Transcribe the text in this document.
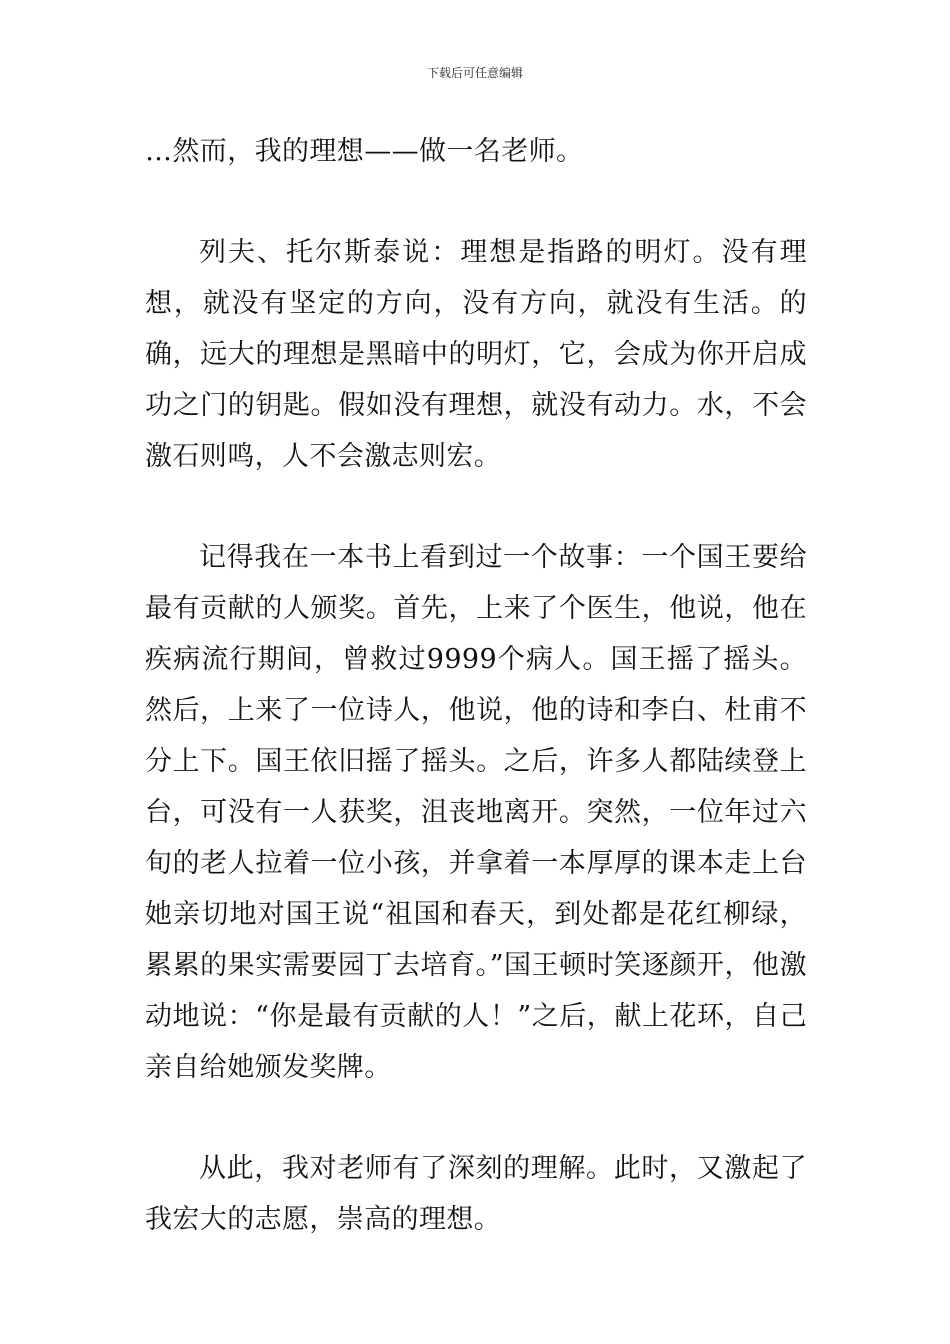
下载后可任意编辑

…然而，我的理想——做一名老师。

列夫、托尔斯泰说：理想是指路的明灯。没有理想，就没有坚定的方向，没有方向，就没有生活。的确，远大的理想是黑暗中的明灯，它，会成为你开启成功之门的钥匙。假如没有理想，就没有动力。水，不会激石则鸣，人不会激志则宏。

记得我在一本书上看到过一个故事：一个国王要给最有贡献的人颁奖。首先，上来了个医生，他说，他在疾病流行期间，曾救过9999个病人。国王摇了摇头。然后，上来了一位诗人，他说，他的诗和李白、杜甫不分上下。国王依旧摇了摇头。之后，许多人都陆续登上台，可没有一人获奖，沮丧地离开。突然，一位年过六旬的老人拉着一位小孩，并拿着一本厚厚的课本走上台她亲切地对国王说“祖国和春天，到处都是花红柳绿，累累的果实需要园丁去培育。”国王顿时笑逐颜开，他激动地说：“你是最有贡献的人！”之后，献上花环，自己亲自给她颁发奖牌。

从此，我对老师有了深刻的理解。此时，又激起了我宏大的志愿，崇高的理想。
